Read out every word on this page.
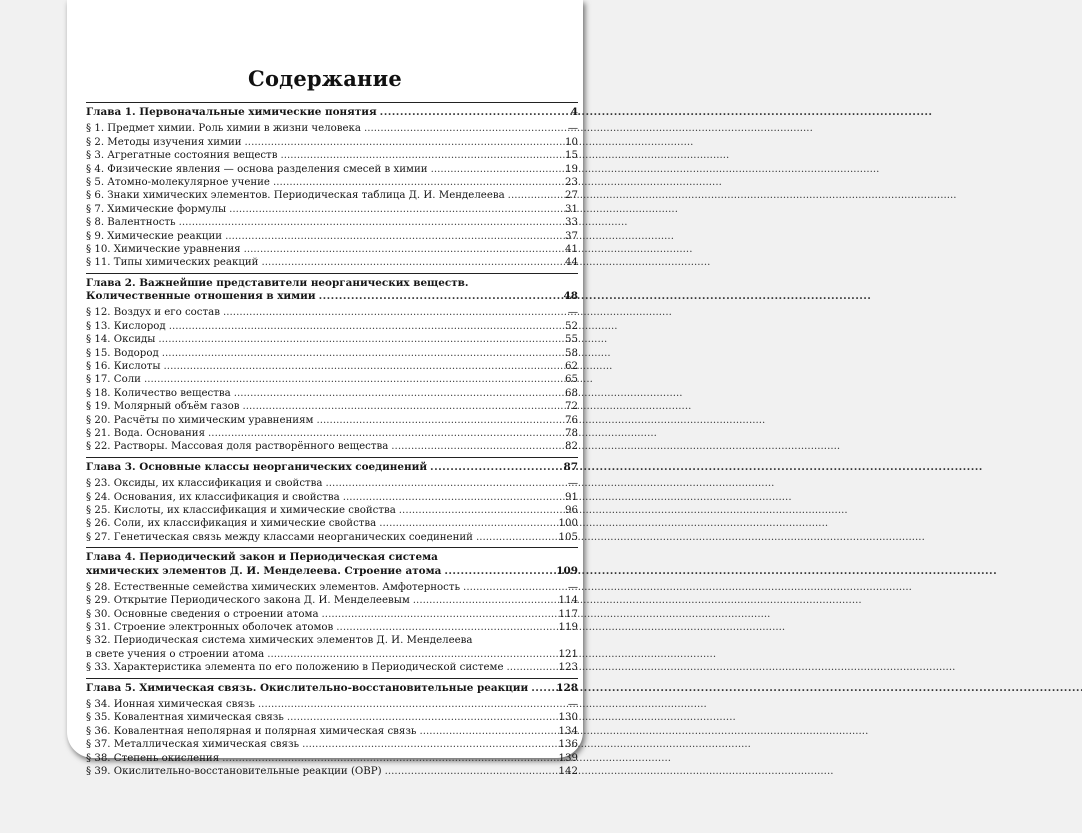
Содержание
Глава 1. Первоначальные химические понятия . . .	4
§ 1. Предмет химии. Роль химии в жизни человека . . .	—
§ 2. Методы изучения химии . . .	10
§ 3. Агрегатные состояния веществ . . .	15
§ 4. Физические явления — основа разделения смесей в химии . . .	19
§ 5. Атомно-молекулярное учение . . .	23
§ 6. Знаки химических элементов. Периодическая таблица Д. И. Менделеева . . .	27
§ 7. Химические формулы . . .	31
§ 8. Валентность . . .	33
§ 9. Химические реакции . . .	37
§ 10. Химические уравнения . . .	41
§ 11. Типы химических реакций . . .	44
Глава 2. Важнейшие представители неорганических веществ.
Количественные отношения в химии . . .	48
§ 12. Воздух и его состав . . .	—
§ 13. Кислород . . .	52
§ 14. Оксиды . . .	55
§ 15. Водород . . .	58
§ 16. Кислоты . . .	62
§ 17. Соли . . .	65
§ 18. Количество вещества . . .	68
§ 19. Молярный объём газов . . .	72
§ 20. Расчёты по химическим уравнениям . . .	76
§ 21. Вода. Основания . . .	78
§ 22. Растворы. Массовая доля растворённого вещества . . .	82
Глава 3. Основные классы неорганических соединений . . .	87
§ 23. Оксиды, их классификация и свойства . . .	—
§ 24. Основания, их классификация и свойства . . .	91
§ 25. Кислоты, их классификация и химические свойства . . .	96
§ 26. Соли, их классификация и химические свойства . . .	100
§ 27. Генетическая связь между классами неорганических соединений . . .	105
Глава 4. Периодический закон и Периодическая система
химических элементов Д. И. Менделеева. Строение атома . . .	109
§ 28. Естественные семейства химических элементов. Амфотерность . . .	—
§ 29. Открытие Периодического закона Д. И. Менделеевым . . .	114
§ 30. Основные сведения о строении атома . . .	117
§ 31. Строение электронных оболочек атомов . . .	119
§ 32. Периодическая система химических элементов Д. И. Менделеева
в свете учения о строении атома . . .	121
§ 33. Характеристика элемента по его положению в Периодической системе . . .	123
Глава 5. Химическая связь. Окислительно-восстановительные реакции . . .	128
§ 34. Ионная химическая связь . . .	—
§ 35. Ковалентная химическая связь . . .	130
§ 36. Ковалентная неполярная и полярная химическая связь . . .	134
§ 37. Металлическая химическая связь . . .	136
§ 38. Степень окисления . . .	139
§ 39. Окислительно-восстановительные реакции (ОВР) . . .	142
